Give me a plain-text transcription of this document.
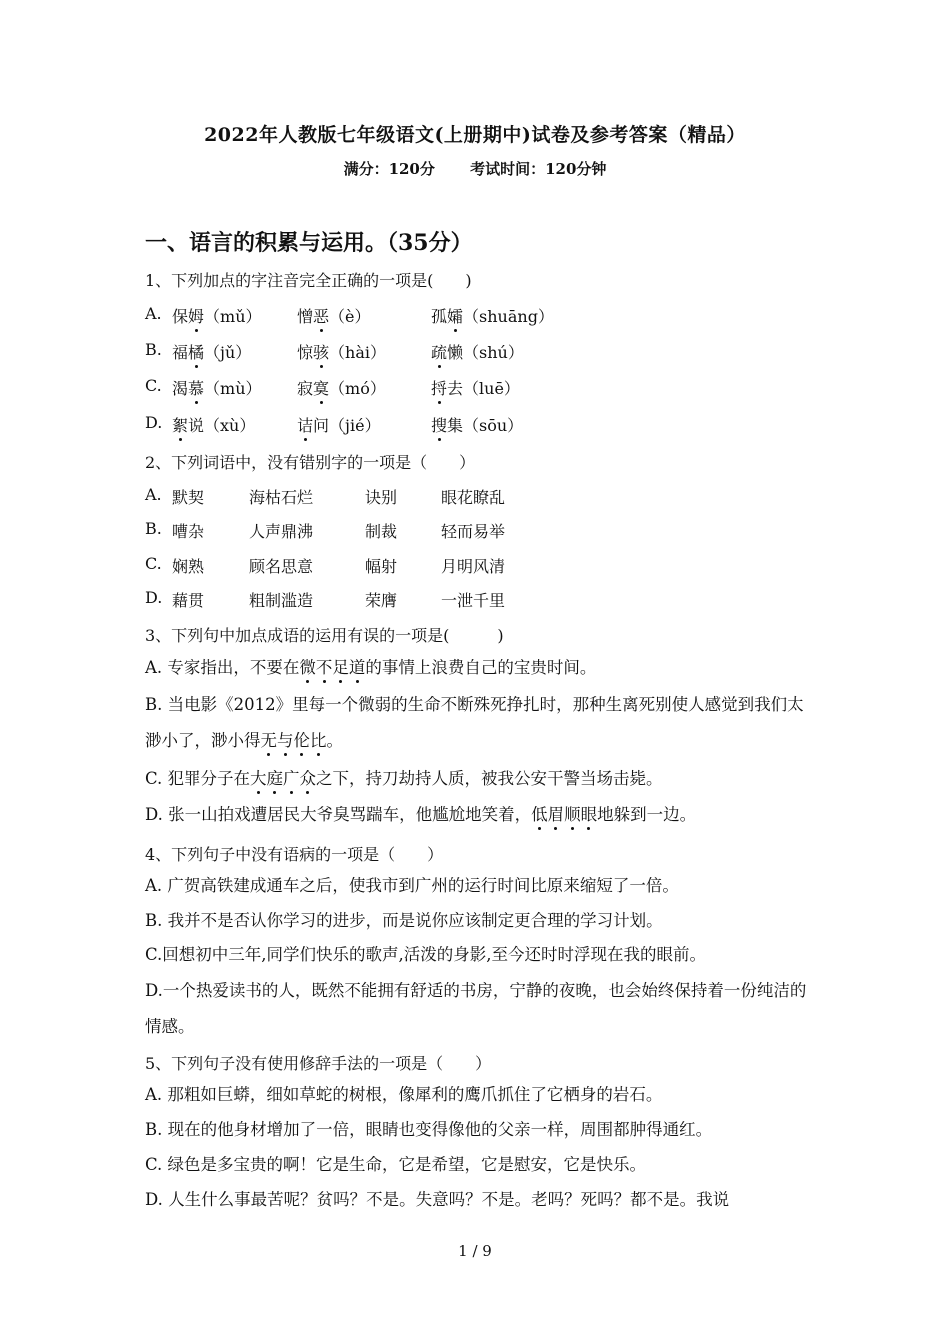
2022年人教版七年级语文(上册期中)试卷及参考答案（精品）
满分：120分 考试时间：120分钟
一、语言的积累与运用。（35分）
1、下列加点的字注音完全正确的一项是(　　)
A. 保姆（mǔ） 憎恶（è）	孤孀（shuāng）
B. 福橘（jǔ）	惊骇（hài）	疏懒（shú）
C. 渴慕（mù） 寂寞（mó）	捋去（luē）
D. 絮说（xù）	诘问（jié）	搜集（sōu）
2、下列词语中，没有错别字的一项是（　　）
A. 默契	海枯石烂	诀别	眼花瞭乱
B. 嘈杂	人声鼎沸	制裁	轻而易举
C. 娴熟	顾名思意	幅射	月明风清
D. 藉贯	粗制滥造	荣膺	一泄千里
3、下列句中加点成语的运用有误的一项是(　　　)
A. 专家指出，不要在微不足道的事情上浪费自己的宝贵时间。
B. 当电影《2012》里每一个微弱的生命不断殊死挣扎时，那种生离死别使人感觉到我们太渺小了，渺小得无与伦比。
C. 犯罪分子在大庭广众之下，持刀劫持人质，被我公安干警当场击毙。
D. 张一山拍戏遭居民大爷臭骂踹车，他尴尬地笑着，低眉顺眼地躲到一边。
4、下列句子中没有语病的一项是（　　）
A. 广贺高铁建成通车之后，使我市到广州的运行时间比原来缩短了一倍。
B. 我并不是否认你学习的进步，而是说你应该制定更合理的学习计划。
C.回想初中三年,同学们快乐的歌声,活泼的身影,至今还时时浮现在我的眼前。
D.一个热爱读书的人，既然不能拥有舒适的书房，宁静的夜晚，也会始终保持着一份纯洁的情感。
5、下列句子没有使用修辞手法的一项是（　　）
A. 那粗如巨蟒，细如草蛇的树根，像犀利的鹰爪抓住了它栖身的岩石。
B. 现在的他身材增加了一倍，眼睛也变得像他的父亲一样，周围都肿得通红。
C. 绿色是多宝贵的啊！它是生命，它是希望，它是慰安，它是快乐。
D. 人生什么事最苦呢？贫吗？不是。失意吗？不是。老吗？死吗？都不是。我说
1 / 9
